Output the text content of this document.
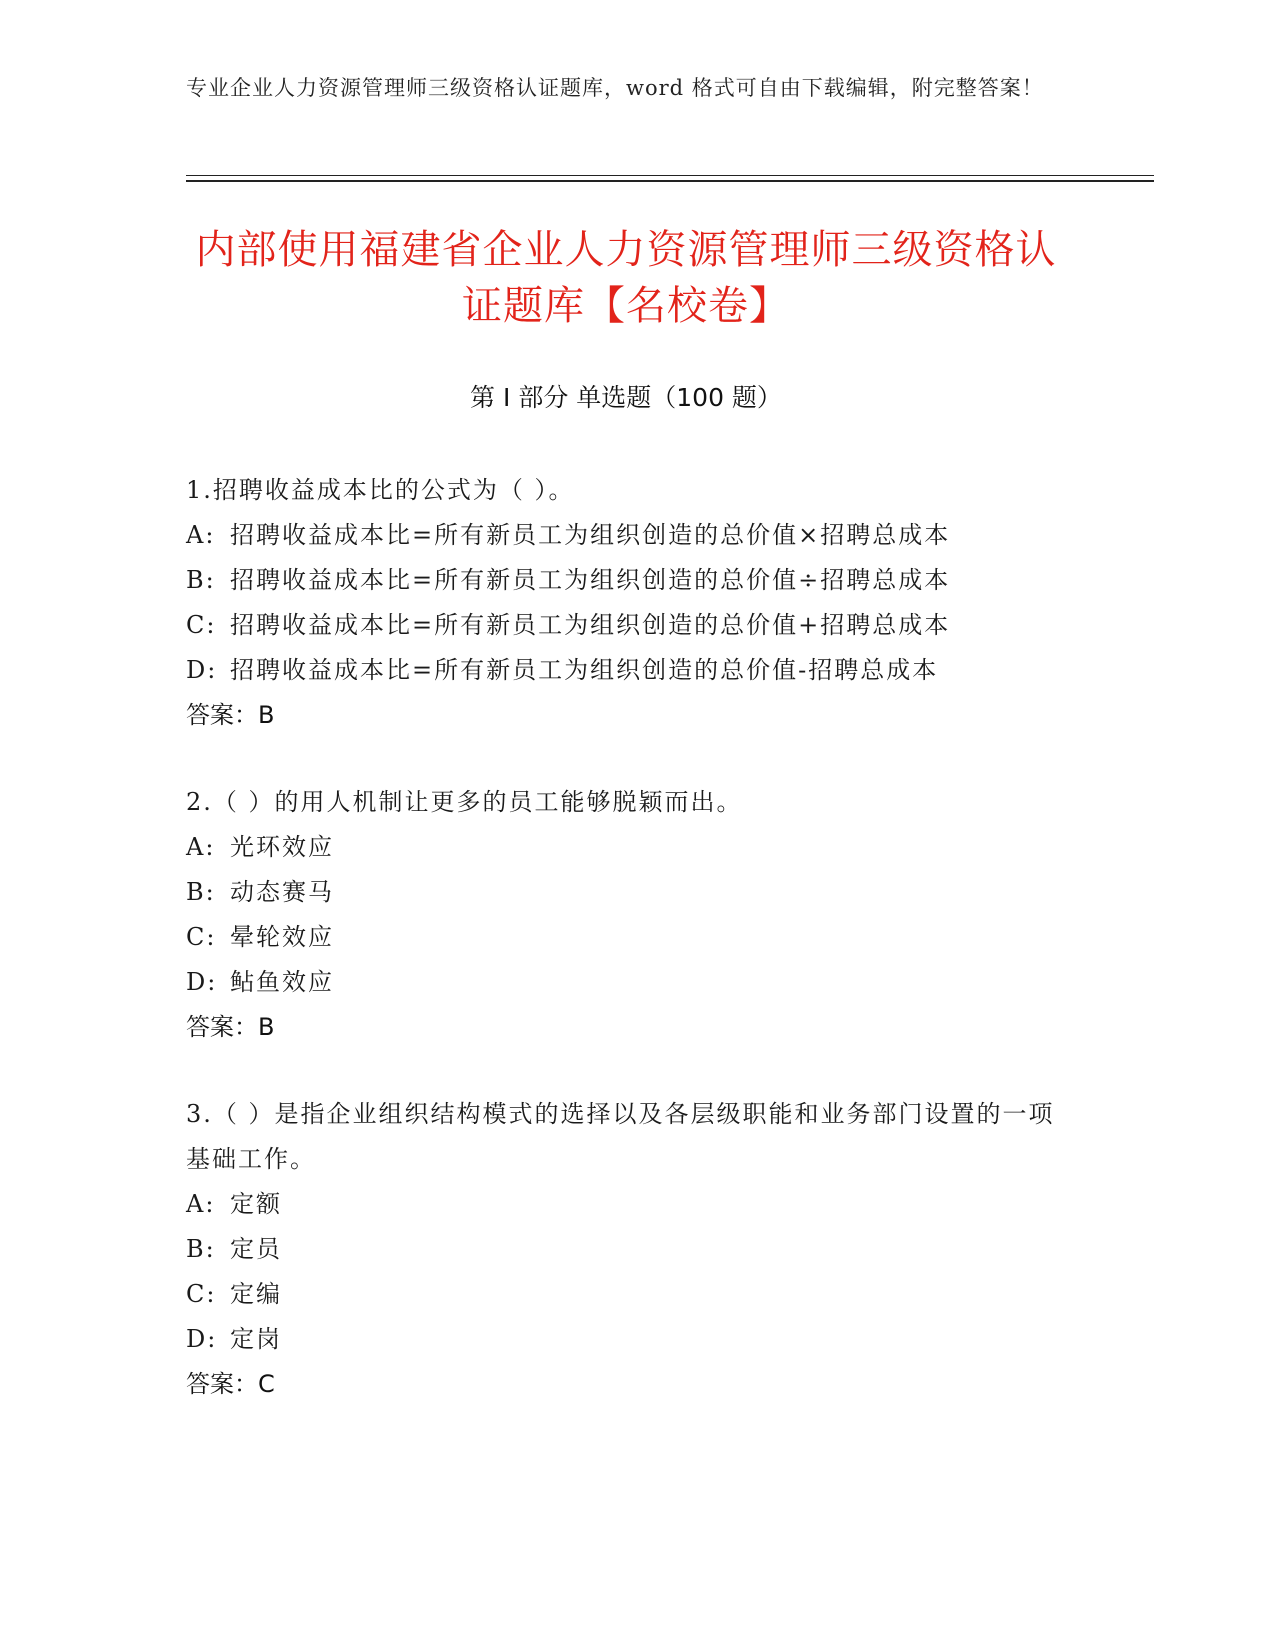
专业企业人力资源管理师三级资格认证题库，word 格式可自由下载编辑，附完整答案！
内部使用福建省企业人力资源管理师三级资格认证题库【名校卷】
第 I 部分 单选题（100 题）
1.招聘收益成本比的公式为（ ）。
A: 招聘收益成本比=所有新员工为组织创造的总价值×招聘总成本
B: 招聘收益成本比=所有新员工为组织创造的总价值÷招聘总成本
C: 招聘收益成本比=所有新员工为组织创造的总价值+招聘总成本
D: 招聘收益成本比=所有新员工为组织创造的总价值-招聘总成本
答案：B
2.（ ）的用人机制让更多的员工能够脱颖而出。
A: 光环效应
B: 动态赛马
C: 晕轮效应
D: 鲇鱼效应
答案：B
3.（ ）是指企业组织结构模式的选择以及各层级职能和业务部门设置的一项基础工作。
A: 定额
B: 定员
C: 定编
D: 定岗
答案：C
